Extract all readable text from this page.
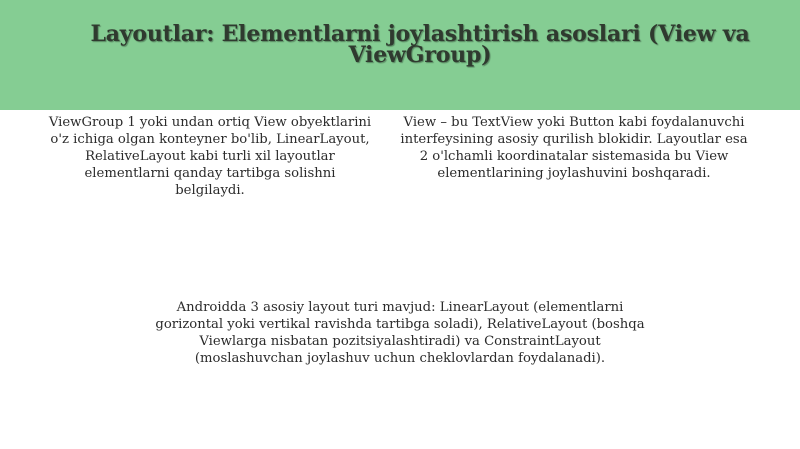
Layoutlar: Elementlarni joylashtirish asoslari (View va ViewGroup)

ViewGroup 1 yoki undan ortiq View obyektlarini o'z ichiga olgan konteyner bo'lib, LinearLayout, RelativeLayout kabi turli xil layoutlar elementlarni qanday tartibga solishni belgilaydi.

View – bu TextView yoki Button kabi foydalanuvchi interfeysining asosiy qurilish blokidir. Layoutlar esa 2 o'lchamli koordinatalar sistemasida bu View elementlarining joylashuvini boshqaradi.

Androidda 3 asosiy layout turi mavjud: LinearLayout (elementlarni gorizontal yoki vertikal ravishda tartibga soladi), RelativeLayout (boshqa Viewlarga nisbatan pozitsiyalashtiradi) va ConstraintLayout (moslashuvchan joylashuv uchun cheklovlardan foydalanadi).
